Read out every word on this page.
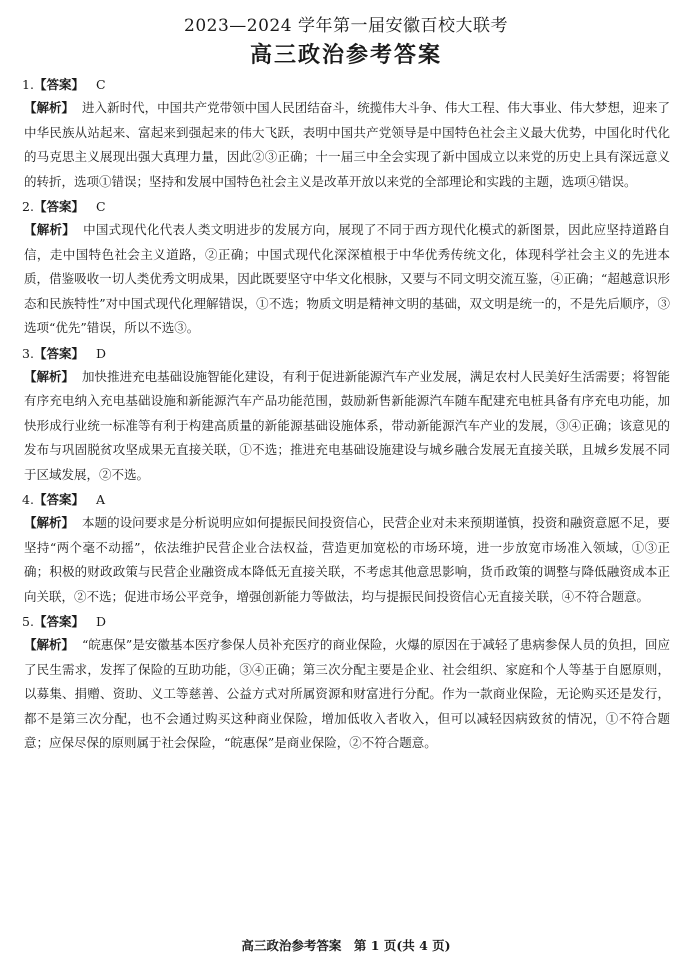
2023—2024 学年第一届安徽百校大联考
高三政治参考答案
1.【答案】 C
【解析】 进入新时代，中国共产党带领中国人民团结奋斗，统揽伟大斗争、伟大工程、伟大事业、伟大梦想，迎来了中华民族从站起来、富起来到强起来的伟大飞跃，表明中国共产党领导是中国特色社会主义最大优势，中国化时代化的马克思主义展现出强大真理力量，因此②③正确；十一届三中全会实现了新中国成立以来党的历史上具有深远意义的转折，选项①错误；坚持和发展中国特色社会主义是改革开放以来党的全部理论和实践的主题，选项④错误。
2.【答案】 C
【解析】 中国式现代化代表人类文明进步的发展方向，展现了不同于西方现代化模式的新图景，因此应坚持道路自信，走中国特色社会主义道路，②正确；中国式现代化深深植根于中华优秀传统文化，体现科学社会主义的先进本质，借鉴吸收一切人类优秀文明成果，因此既要坚守中华文化根脉，又要与不同文明交流互鉴，④正确；“超越意识形态和民族特性”对中国式现代化理解错误，①不选；物质文明是精神文明的基础，双文明是统一的，不是先后顺序，③选项“优先”错误，所以不选③。
3.【答案】 D
【解析】 加快推进充电基础设施智能化建设，有利于促进新能源汽车产业发展，满足农村人民美好生活需要；将智能有序充电纳入充电基础设施和新能源汽车产品功能范围，鼓励新售新能源汽车随车配建充电桩具备有序充电功能，加快形成行业统一标准等有利于构建高质量的新能源基础设施体系，带动新能源汽车产业的发展，③④正确；该意见的发布与巩固脱贫攻坚成果无直接关联，①不选；推进充电基础设施建设与城乡融合发展无直接关联，且城乡发展不同于区域发展，②不选。
4.【答案】 A
【解析】 本题的设问要求是分析说明应如何提振民间投资信心，民营企业对未来预期谨慎，投资和融资意愿不足，要坚持“两个毫不动摇”，依法维护民营企业合法权益，营造更加宽松的市场环境，进一步放宽市场准入领域，①③正确；积极的财政政策与民营企业融资成本降低无直接关联，不考虑其他意思影响，货币政策的调整与降低融资成本正向关联，②不选；促进市场公平竞争，增强创新能力等做法，均与提振民间投资信心无直接关联，④不符合题意。
5.【答案】 D
【解析】 “皖惠保”是安徽基本医疗参保人员补充医疗的商业保险，火爆的原因在于减轻了患病参保人员的负担，回应了民生需求，发挥了保险的互助功能，③④正确；第三次分配主要是企业、社会组织、家庭和个人等基于自愿原则，以募集、捐赠、资助、义工等慈善、公益方式对所属资源和财富进行分配。作为一款商业保险，无论购买还是发行，都不是第三次分配，也不会通过购买这种商业保险，增加低收入者收入，但可以减轻因病致贫的情况，①不符合题意；应保尽保的原则属于社会保险，“皖惠保”是商业保险，②不符合题意。
高三政治参考答案　第 1 页(共 4 页)
